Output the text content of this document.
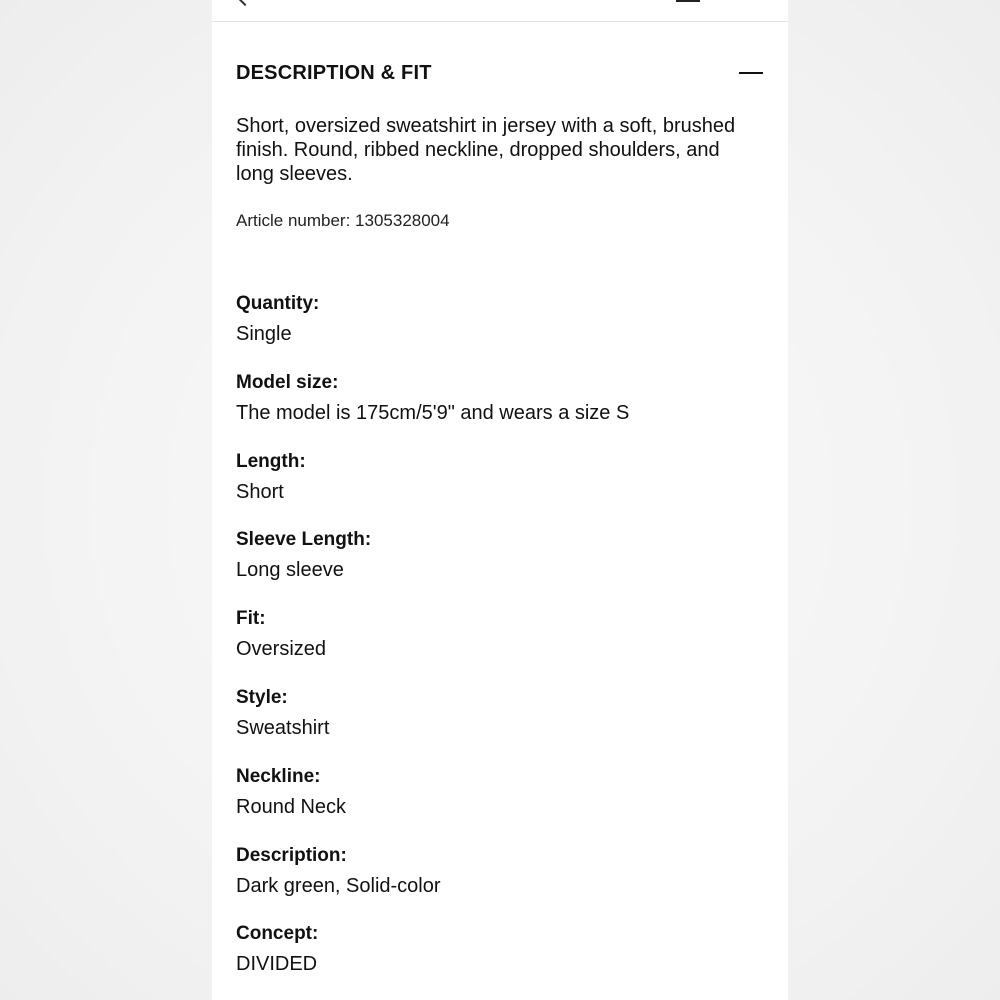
DESCRIPTION & FIT
Short, oversized sweatshirt in jersey with a soft, brushed finish. Round, ribbed neckline, dropped shoulders, and long sleeves.
Article number: 1305328004
Quantity:
Single
Model size:
The model is 175cm/5'9" and wears a size S
Length:
Short
Sleeve Length:
Long sleeve
Fit:
Oversized
Style:
Sweatshirt
Neckline:
Round Neck
Description:
Dark green, Solid-color
Concept:
DIVIDED
